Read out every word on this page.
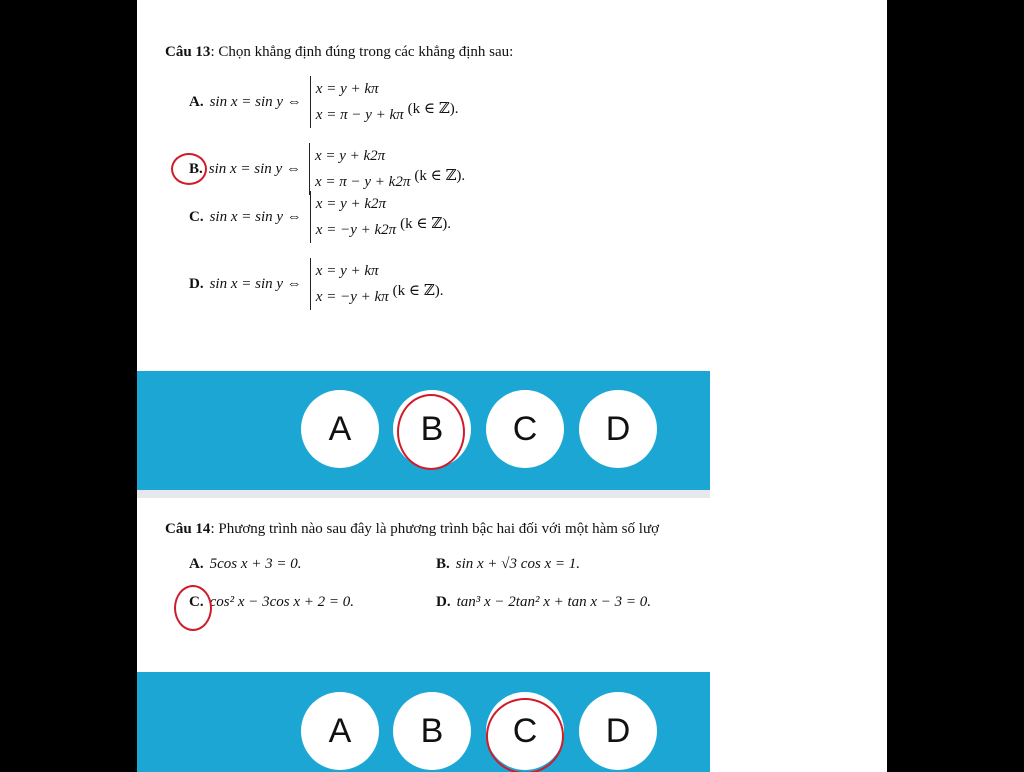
Câu 13: Chọn khẳng định đúng trong các khẳng định sau:
A. sin x = sin y ⇔
x = y + kπ
x = π − y + kπ (k ∈ ℤ).
B. sin x = sin y ⇔
x = y + k2π
x = π − y + k2π (k ∈ ℤ).
C. sin x = sin y ⇔
x = y + k2π
x = −y + k2π (k ∈ ℤ).
D. sin x = sin y ⇔
x = y + kπ
x = −y + kπ (k ∈ ℤ).
A	B	C	D
Câu 14: Phương trình nào sau đây là phương trình bậc hai đối với một hàm số lượ
A. 5cos x + 3 = 0.	B. sin x + √3 cos x = 1.
C. cos² x − 3cos x + 2 = 0.	D. tan³ x − 2tan² x + tan x − 3 = 0.
A	B	C	D
